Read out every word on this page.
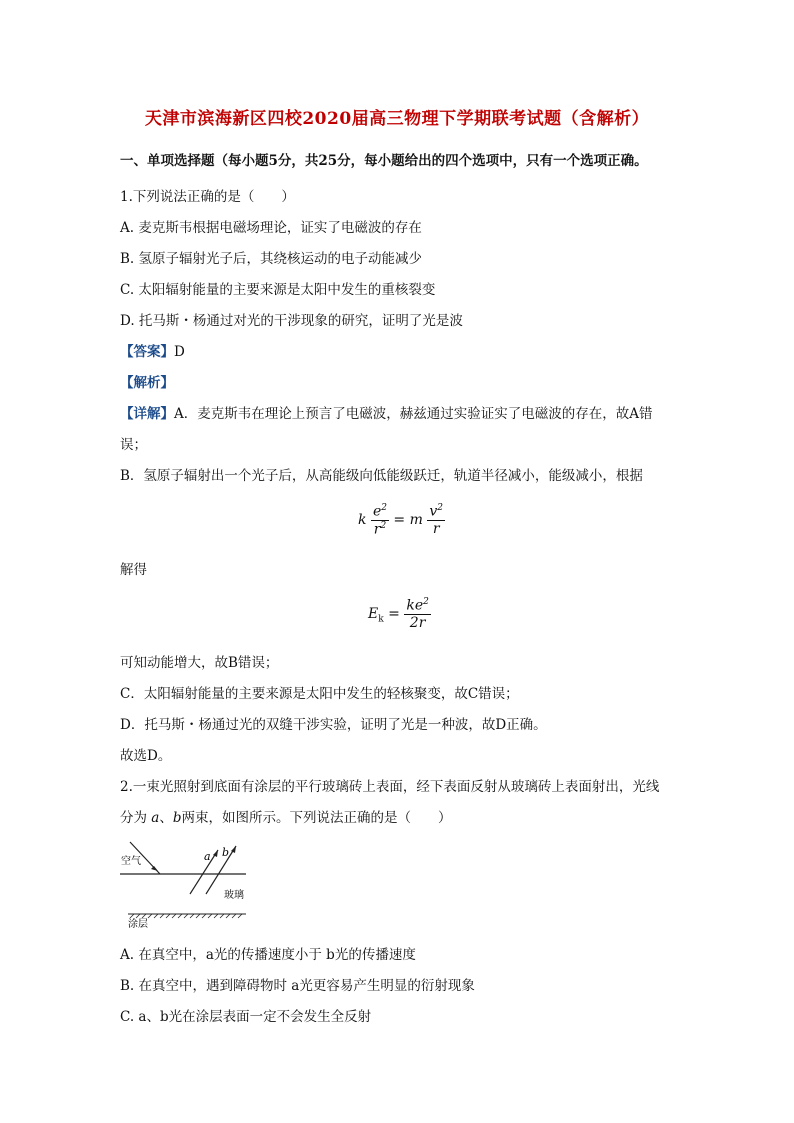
天津市滨海新区四校2020届高三物理下学期联考试题（含解析）
一、单项选择题（每小题5分，共25分，每小题给出的四个选项中，只有一个选项正确。
1.下列说法正确的是（　　）
A. 麦克斯韦根据电磁场理论，证实了电磁波的存在
B. 氢原子辐射光子后，其绕核运动的电子动能减少
C. 太阳辐射能量的主要来源是太阳中发生的重核裂变
D. 托马斯・杨通过对光的干涉现象的研究，证明了光是波
【答案】D
【解析】
【详解】A．麦克斯韦在理论上预言了电磁波，赫兹通过实验证实了电磁波的存在，故A错
误；
B．氢原子辐射出一个光子后，从高能级向低能级跃迁，轨道半径减小，能级减小，根据
k $\frac{e^2}{r^2} = m \frac{v^2}{r}$
解得
$E_k = \frac{ke^2}{2r}$
可知动能增大，故B错误；
C．太阳辐射能量的主要来源是太阳中发生的轻核聚变，故C错误；
D．托马斯・杨通过光的双缝干涉实验，证明了光是一种波，故D正确。
故选D。
2.一束光照射到底面有涂层的平行玻璃砖上表面，经下表面反射从玻璃砖上表面射出，光线
分为 a、b两束，如图所示。下列说法正确的是（　　）
空气	a b
玻璃
涂层
A. 在真空中，a光的传播速度小于 b光的传播速度
B. 在真空中，遇到障碍物时 a光更容易产生明显的衍射现象
C. a、b光在涂层表面一定不会发生全反射
